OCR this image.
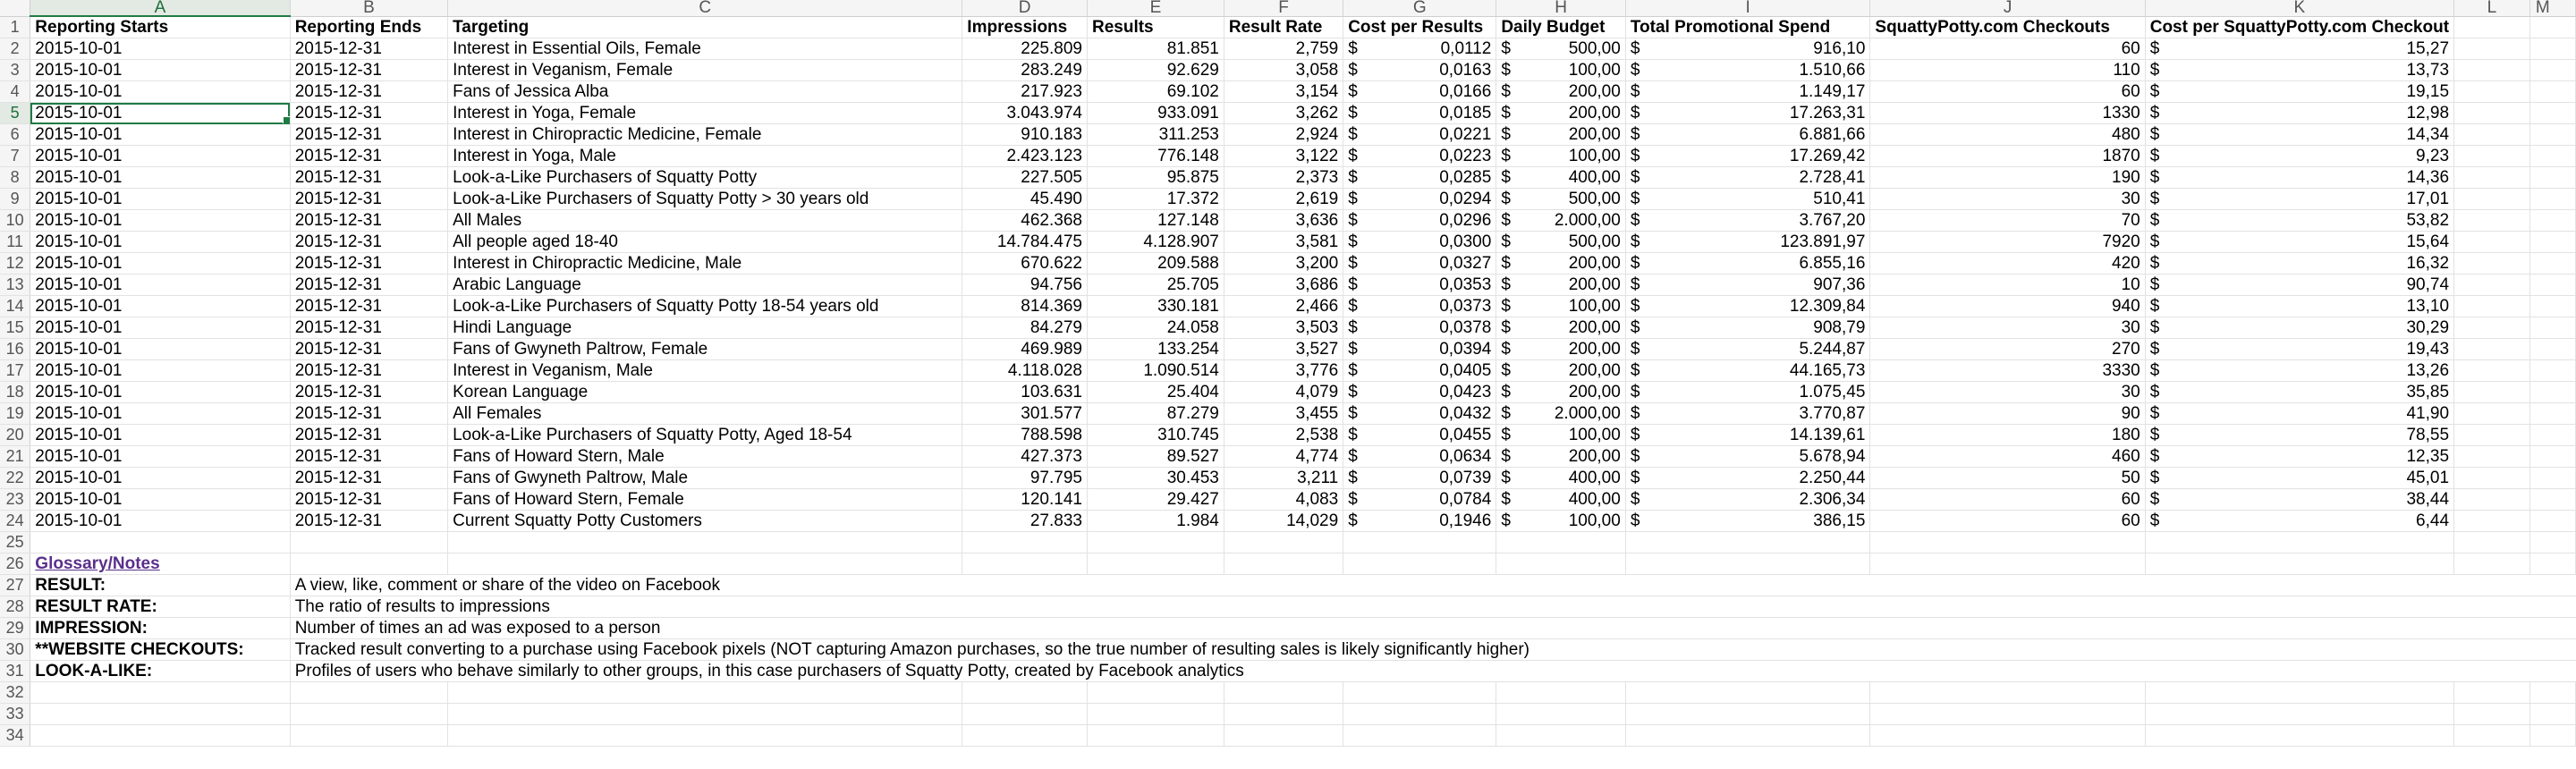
	A	B	C	D	E	F	G	H	I	J	K	L	M
1	Reporting Starts	Reporting Ends	Targeting	Impressions	Results	Result Rate	Cost per Results	Daily Budget	Total Promotional Spend	SquattyPotty.com Checkouts	Cost per SquattyPotty.com Checkout		
2	2015-10-01	2015-12-31	Interest in Essential Oils, Female	225.809	81.851	2,759	$ 0,0112	$ 500,00	$ 916,10	60	$ 15,27		

3	2015-10-01	2015-12-31	Interest in Veganism, Female	283.249	92.629	3,058	$ 0,0163	$ 100,00	$ 1.510,66	110	$ 13,73		

4	2015-10-01	2015-12-31	Fans of Jessica Alba	217.923	69.102	3,154	$ 0,0166	$ 200,00	$ 1.149,17	60	$ 19,15		

5	2015-10-01	2015-12-31	Interest in Yoga, Female	3.043.974	933.091	3,262	$ 0,0185	$ 200,00	$ 17.263,31	1330	$ 12,98		

6	2015-10-01	2015-12-31	Interest in Chiropractic Medicine, Female	910.183	311.253	2,924	$ 0,0221	$ 200,00	$ 6.881,66	480	$ 14,34		

7	2015-10-01	2015-12-31	Interest in Yoga, Male	2.423.123	776.148	3,122	$ 0,0223	$ 100,00	$ 17.269,42	1870	$ 9,23		

8	2015-10-01	2015-12-31	Look-a-Like Purchasers of Squatty Potty	227.505	95.875	2,373	$ 0,0285	$ 400,00	$ 2.728,41	190	$ 14,36		

9	2015-10-01	2015-12-31	Look-a-Like Purchasers of Squatty Potty > 30 years old	45.490	17.372	2,619	$ 0,0294	$ 500,00	$ 510,41	30	$ 17,01		

10	2015-10-01	2015-12-31	All Males	462.368	127.148	3,636	$ 0,0296	$ 2.000,00	$ 3.767,20	70	$ 53,82		

11	2015-10-01	2015-12-31	All people aged 18-40	14.784.475	4.128.907	3,581	$ 0,0300	$ 500,00	$ 123.891,97	7920	$ 15,64		

12	2015-10-01	2015-12-31	Interest in Chiropractic Medicine, Male	670.622	209.588	3,200	$ 0,0327	$ 200,00	$ 6.855,16	420	$ 16,32		

13	2015-10-01	2015-12-31	Arabic Language	94.756	25.705	3,686	$ 0,0353	$ 200,00	$ 907,36	10	$ 90,74		

14	2015-10-01	2015-12-31	Look-a-Like Purchasers of Squatty Potty 18-54 years old	814.369	330.181	2,466	$ 0,0373	$ 100,00	$ 12.309,84	940	$ 13,10		

15	2015-10-01	2015-12-31	Hindi Language	84.279	24.058	3,503	$ 0,0378	$ 200,00	$ 908,79	30	$ 30,29		

16	2015-10-01	2015-12-31	Fans of Gwyneth Paltrow, Female	469.989	133.254	3,527	$ 0,0394	$ 200,00	$ 5.244,87	270	$ 19,43		

17	2015-10-01	2015-12-31	Interest in Veganism, Male	4.118.028	1.090.514	3,776	$ 0,0405	$ 200,00	$ 44.165,73	3330	$ 13,26		

18	2015-10-01	2015-12-31	Korean Language	103.631	25.404	4,079	$ 0,0423	$ 200,00	$ 1.075,45	30	$ 35,85		

19	2015-10-01	2015-12-31	All Females	301.577	87.279	3,455	$ 0,0432	$ 2.000,00	$ 3.770,87	90	$ 41,90		

20	2015-10-01	2015-12-31	Look-a-Like Purchasers of Squatty Potty, Aged 18-54	788.598	310.745	2,538	$ 0,0455	$ 100,00	$ 14.139,61	180	$ 78,55		

21	2015-10-01	2015-12-31	Fans of Howard Stern, Male	427.373	89.527	4,774	$ 0,0634	$ 200,00	$ 5.678,94	460	$ 12,35		

22	2015-10-01	2015-12-31	Fans of Gwyneth Paltrow, Male	97.795	30.453	3,211	$ 0,0739	$ 400,00	$ 2.250,44	50	$ 45,01		

23	2015-10-01	2015-12-31	Fans of Howard Stern, Female	120.141	29.427	4,083	$ 0,0784	$ 400,00	$ 2.306,34	60	$ 38,44		

24	2015-10-01	2015-12-31	Current Squatty Potty Customers	27.833	1.984	14,029	$ 0,1946	$ 100,00	$ 386,15	60	$ 6,44		

25													
26	Glossary/Notes												
27	RESULT:	A view, like, comment or share of the video on Facebook											
28	RESULT RATE:	The ratio of results to impressions											
29	IMPRESSION:	Number of times an ad was exposed to a person											
30	**WEBSITE CHECKOUTS:	Tracked result converting to a purchase using Facebook pixels (NOT capturing Amazon purchases, so the true number of resulting sales is likely significantly higher)											
31	LOOK-A-LIKE:	Profiles of users who behave similarly to other groups, in this case purchasers of Squatty Potty, created by Facebook analytics											
32													
33													
34													
